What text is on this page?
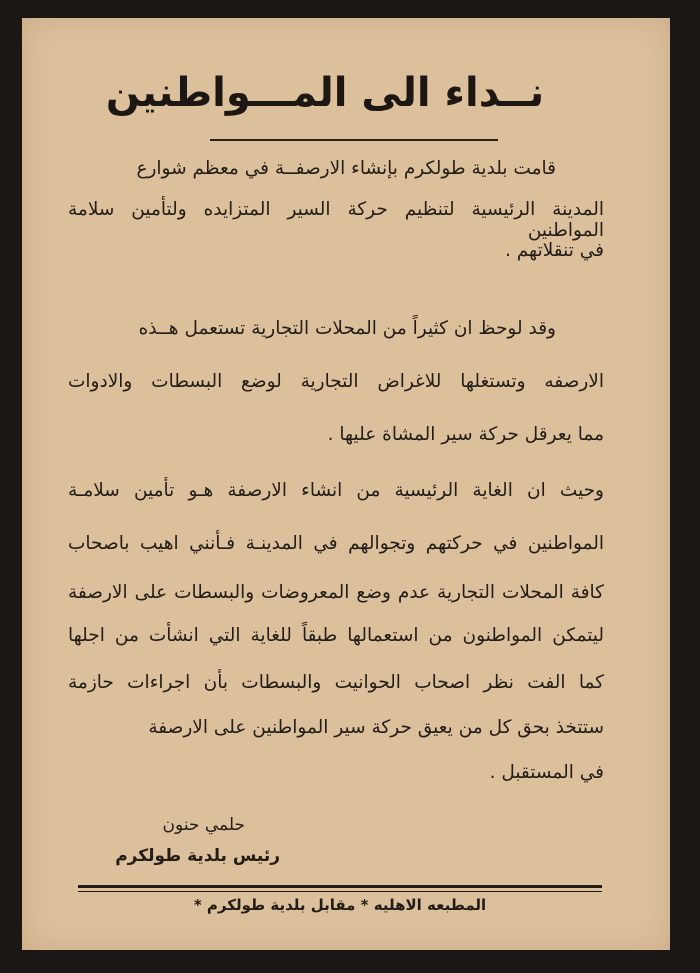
نــداء الى المـــواطنين
قامت بلدية طولكرم بإنشاء الارصفــة في معظم شوارع
المدينة الرئيسية لتنظيم حركة السير المتزايده ولتأمين سلامة المواطنين
في تنقلاتهم .
وقد لوحظ ان كثيراً من المحلات التجارية تستعمل هــذه
الارصفه وتستغلها للاغراض التجارية لوضع البسطات والادوات
مما يعرقل حركة سير المشاة عليها .
وحيث ان الغاية الرئيسية من انشاء الارصفة هـو تأمين سلامـة
المواطنين في حركتهم وتجوالهم في المدينـة فـأنني اهيب باصحاب
كافة المحلات التجارية عدم وضع المعروضات والبسطات على الارصفة
ليتمكن المواطنون من استعمالها طبقاً للغاية التي انشأت من اجلها
كما الفت نظر اصحاب الحوانيت والبسطات بأن اجراءات حازمة
ستتخذ بحق كل من يعيق حركة سير المواطنين على الارصفة
في المستقبل .
حلمي حنون
رئيس بلدية طولكرم
المطبعه الاهليه * مقابل بلدية طولكرم *
